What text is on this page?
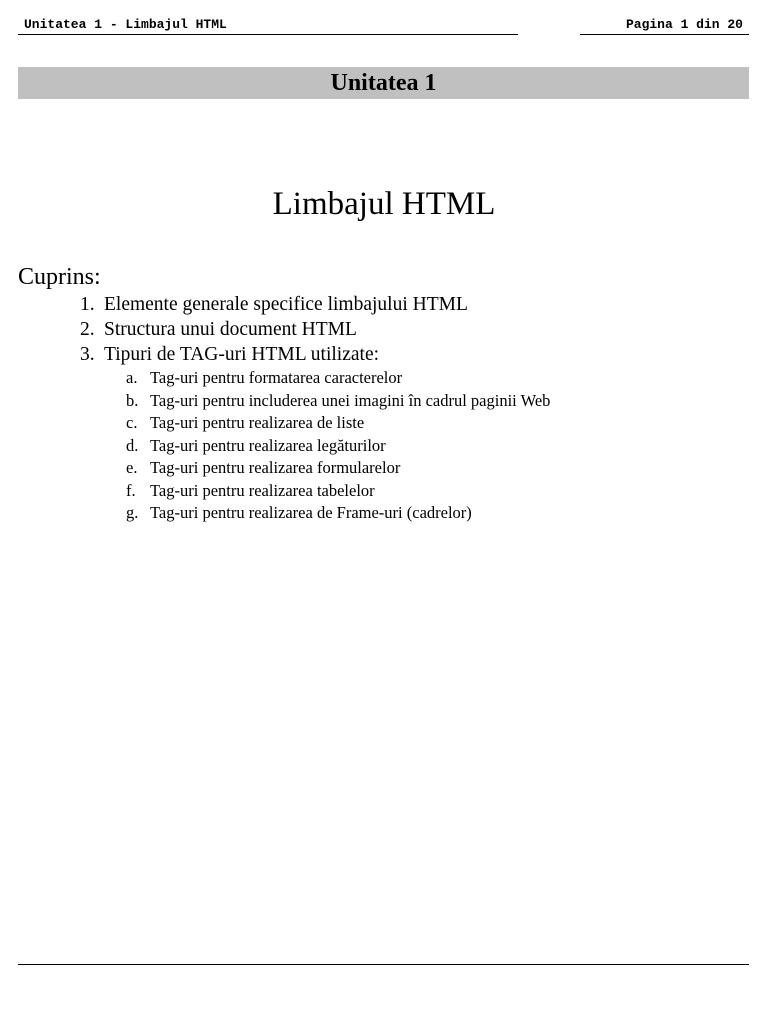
Unitatea 1 - Limbajul HTML	Pagina 1 din 20
Unitatea 1
Limbajul HTML
Cuprins:
1. Elemente generale specifice limbajului HTML
2. Structura unui document HTML
3. Tipuri de TAG-uri HTML utilizate:
a. Tag-uri pentru formatarea caracterelor
b. Tag-uri pentru includerea unei imagini în cadrul paginii Web
c. Tag-uri pentru realizarea de liste
d. Tag-uri pentru realizarea legăturilor
e. Tag-uri pentru realizarea formularelor
f. Tag-uri pentru realizarea tabelelor
g. Tag-uri pentru realizarea de Frame-uri (cadrelor)
